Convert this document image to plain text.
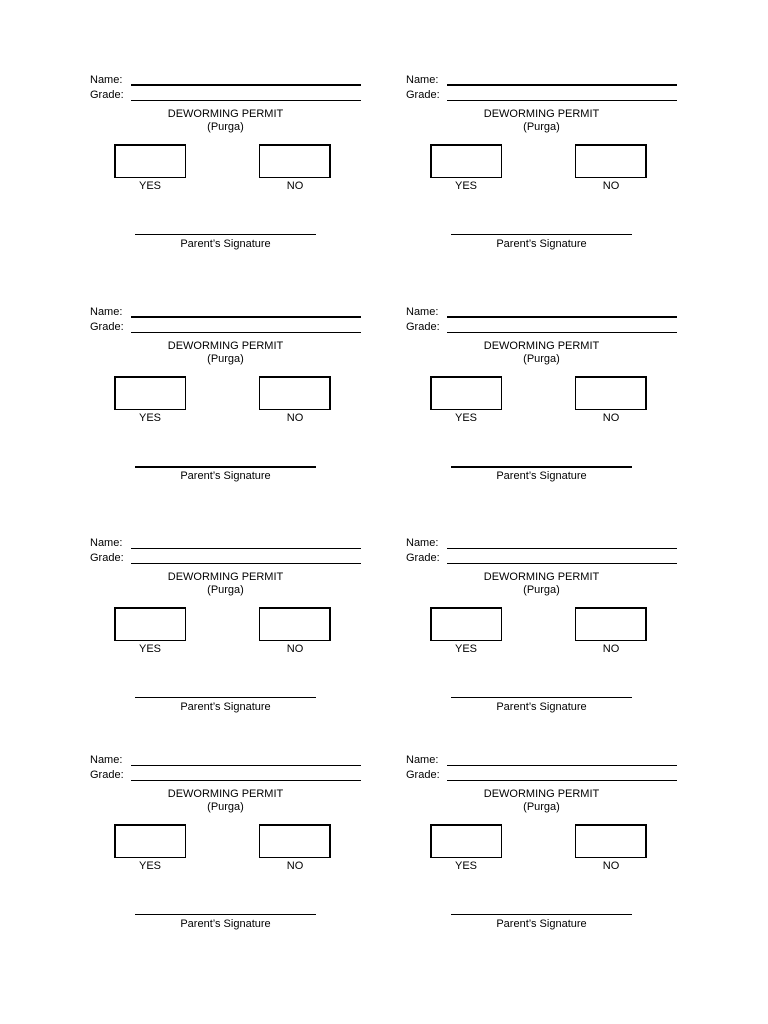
Name:
Grade:
DEWORMING PERMIT
(Purga)
YES	NO
Parent’s Signature
Name:
Grade:
DEWORMING PERMIT
(Purga)
YES	NO
Parent’s Signature
Name:
Grade:
DEWORMING PERMIT
(Purga)
YES	NO
Parent’s Signature
Name:
Grade:
DEWORMING PERMIT
(Purga)
YES	NO
Parent’s Signature
Name:
Grade:
DEWORMING PERMIT
(Purga)
YES	NO
Parent’s Signature
Name:
Grade:
DEWORMING PERMIT
(Purga)
YES	NO
Parent’s Signature
Name:
Grade:
DEWORMING PERMIT
(Purga)
YES	NO
Parent’s Signature
Name:
Grade:
DEWORMING PERMIT
(Purga)
YES	NO
Parent’s Signature
